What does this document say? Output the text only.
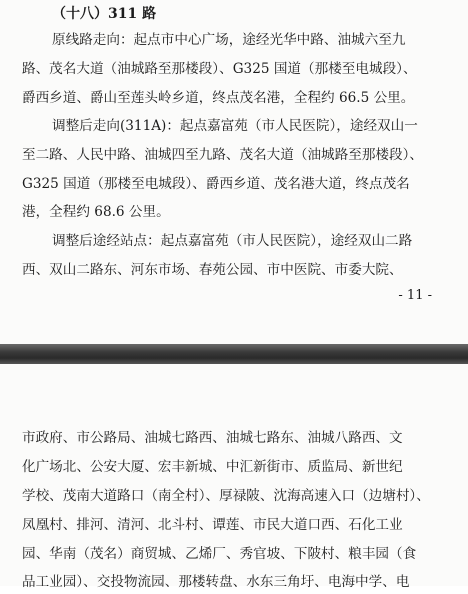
（十八）311 路
原线路走向：起点市中心广场，途经光华中路、油城六至九
路、茂名大道（油城路至那楼段）、G325 国道（那楼至电城段）、
爵西乡道、爵山至莲头岭乡道，终点茂名港，全程约 66.5 公里。
调整后走向(311A)：起点嘉富苑（市人民医院），途经双山一
至二路、人民中路、油城四至九路、茂名大道（油城路至那楼段）、
G325 国道（那楼至电城段）、爵西乡道、茂名港大道，终点茂名
港，全程约 68.6 公里。
调整后途经站点：起点嘉富苑（市人民医院），途经双山二路
西、双山二路东、河东市场、春苑公园、市中医院、市委大院、
- 11 -
市政府、市公路局、油城七路西、油城七路东、油城八路西、文
化广场北、公安大厦、宏丰新城、中汇新街市、质监局、新世纪
学校、茂南大道路口（南全村）、厚禄陂、沈海高速入口（边塘村）、
凤凰村、排河、清河、北斗村、谭莲、市民大道口西、石化工业
园、华南（茂名）商贸城、乙烯厂、秀官坡、下陂村、粮丰园（食
品工业园）、交投物流园、那楼转盘、水东三角圩、电海中学、电
